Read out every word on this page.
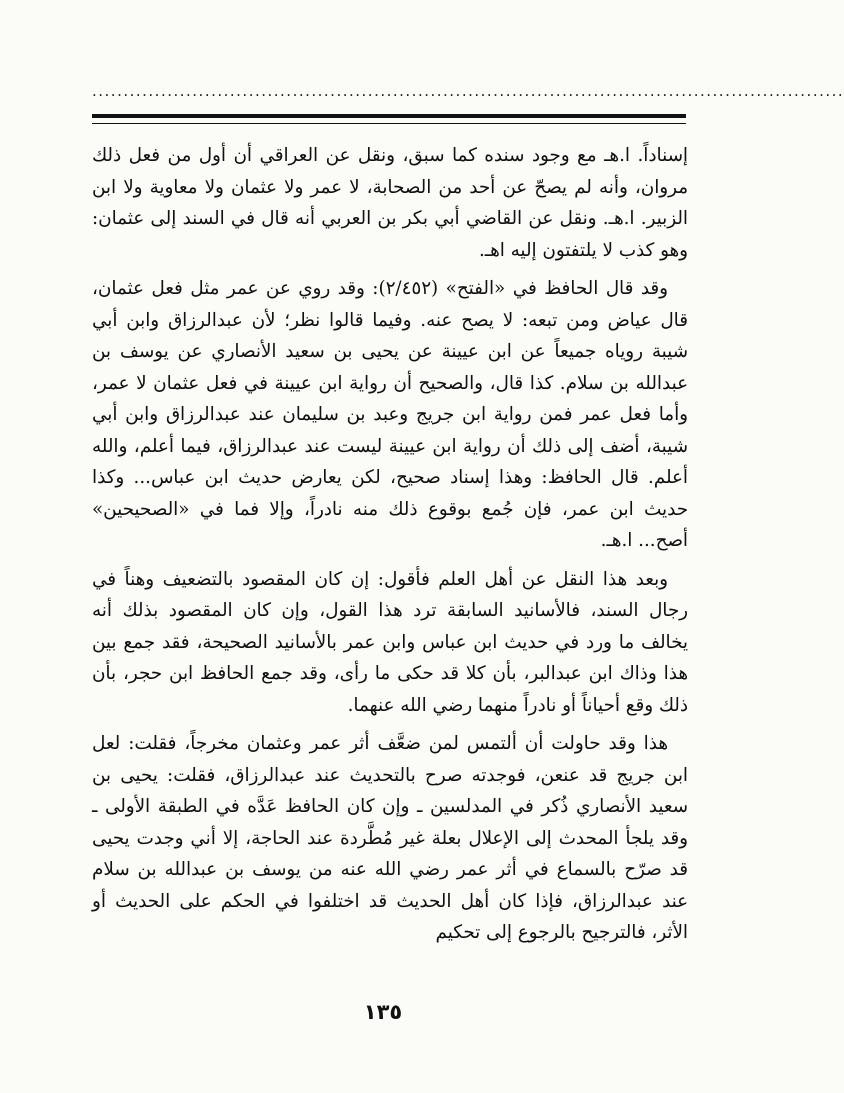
........................................................................................................................

إسناداً. ا.هـ مع وجود سنده كما سبق، ونقل عن العراقي أن أول من فعل ذلك مروان، وأنه لم يصحّ عن أحد من الصحابة، لا عمر ولا عثمان ولا معاوية ولا ابن الزبير. ا.هـ. ونقل عن القاضي أبي بكر بن العربي أنه قال في السند إلى عثمان: وهو كذب لا يلتفتون إليه اهـ.

وقد قال الحافظ في «الفتح» (٢/٤٥٢): وقد روي عن عمر مثل فعل عثمان، قال عياض ومن تبعه: لا يصح عنه. وفيما قالوا نظر؛ لأن عبدالرزاق وابن أبي شيبة روياه جميعاً عن ابن عيينة عن يحيى بن سعيد الأنصاري عن يوسف بن عبدالله بن سلام. كذا قال، والصحيح أن رواية ابن عيينة في فعل عثمان لا عمر، وأما فعل عمر فمن رواية ابن جريج وعبد بن سليمان عند عبدالرزاق وابن أبي شيبة، أضف إلى ذلك أن رواية ابن عيينة ليست عند عبدالرزاق، فيما أعلم، والله أعلم. قال الحافظ: وهذا إسناد صحيح، لكن يعارض حديث ابن عباس... وكذا حديث ابن عمر، فإن جُمع بوقوع ذلك منه نادراً، وإلا فما في «الصحيحين» أصح... ا.هـ.

وبعد هذا النقل عن أهل العلم فأقول: إن كان المقصود بالتضعيف وهناً في رجال السند، فالأسانيد السابقة ترد هذا القول، وإن كان المقصود بذلك أنه يخالف ما ورد في حديث ابن عباس وابن عمر بالأسانيد الصحيحة، فقد جمع بين هذا وذاك ابن عبدالبر، بأن كلا قد حكى ما رأى، وقد جمع الحافظ ابن حجر، بأن ذلك وقع أحياناً أو نادراً منهما رضي الله عنهما.

هذا وقد حاولت أن ألتمس لمن ضعَّف أثر عمر وعثمان مخرجاً، فقلت: لعل ابن جريج قد عنعن، فوجدته صرح بالتحديث عند عبدالرزاق، فقلت: يحيى بن سعيد الأنصاري ذُكر في المدلسين ـ وإن كان الحافظ عَدَّه في الطبقة الأولى ـ وقد يلجأ المحدث إلى الإعلال بعلة غير مُطَّردة عند الحاجة، إلا أني وجدت يحيى قد صرّح بالسماع في أثر عمر رضي الله عنه من يوسف بن عبدالله بن سلام عند عبدالرزاق، فإذا كان أهل الحديث قد اختلفوا في الحكم على الحديث أو الأثر، فالترجيح بالرجوع إلى تحكيم

١٣٥
